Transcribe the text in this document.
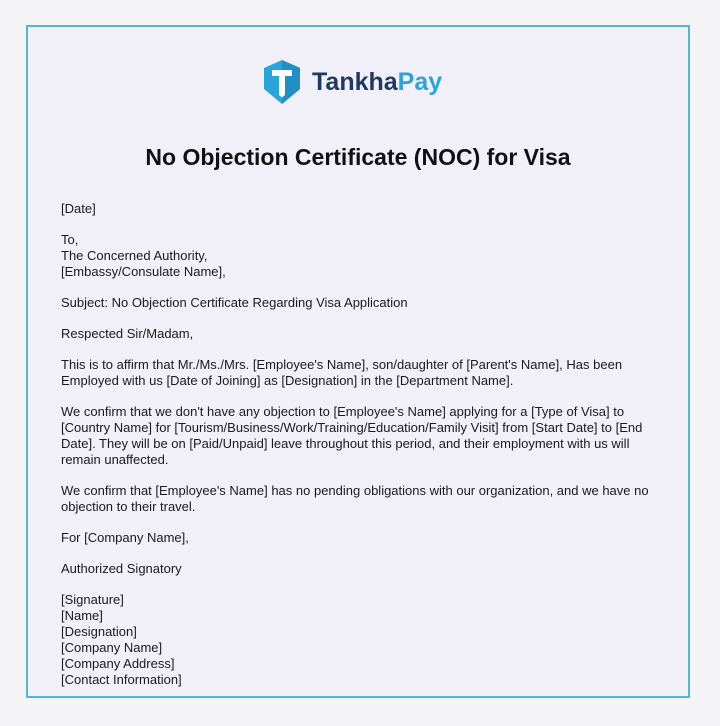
TankhaPay
No Objection Certificate (NOC) for Visa

[Date]

To,
The Concerned Authority,
[Embassy/Consulate Name],

Subject: No Objection Certificate Regarding Visa Application

Respected Sir/Madam,

This is to affirm that Mr./Ms./Mrs. [Employee's Name], son/daughter of [Parent's Name], Has been Employed with us [Date of Joining] as [Designation] in the [Department Name].

We confirm that we don't have any objection to [Employee's Name] applying for a [Type of Visa] to [Country Name] for [Tourism/Business/Work/Training/Education/Family Visit] from [Start Date] to [End Date]. They will be on [Paid/Unpaid] leave throughout this period, and their employment with us will remain unaffected.

We confirm that [Employee's Name] has no pending obligations with our organization, and we have no objection to their travel.

For [Company Name],

Authorized Signatory

[Signature]
[Name]
[Designation]
[Company Name]
[Company Address]
[Contact Information]
